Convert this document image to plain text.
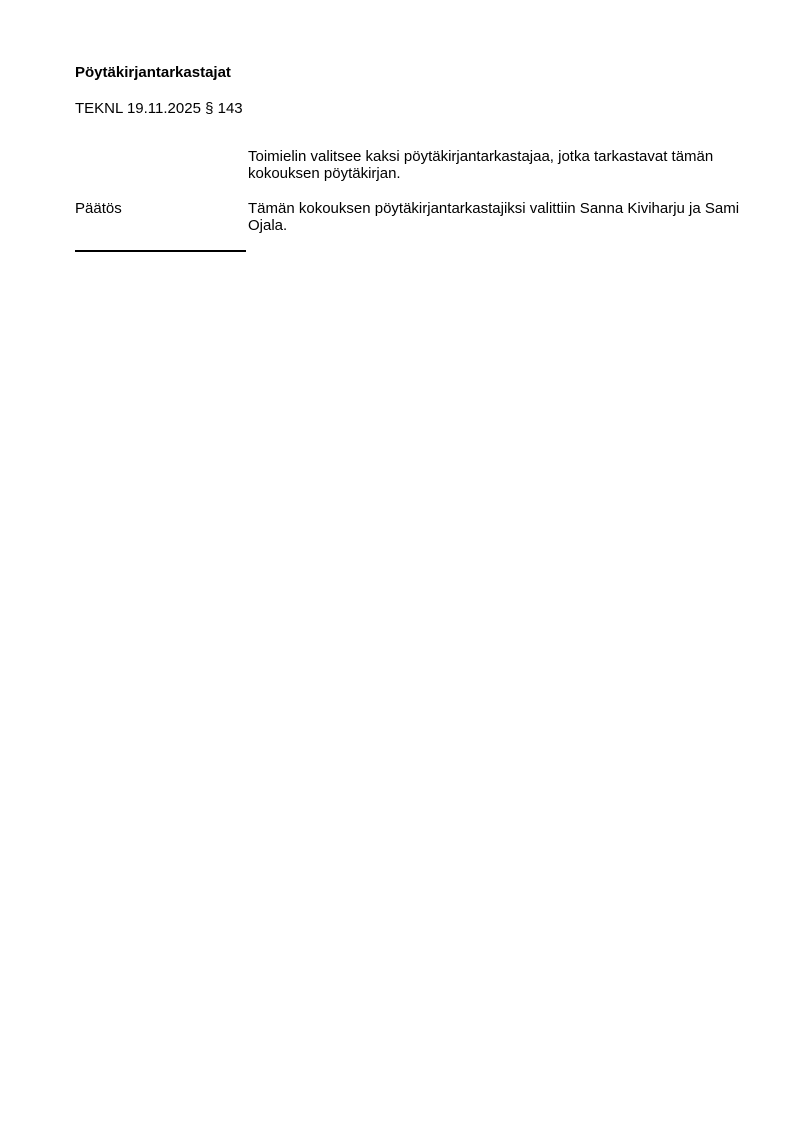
Pöytäkirjantarkastajat
TEKNL 19.11.2025 § 143

Toimielin valitsee kaksi pöytäkirjantarkastajaa, jotka tarkastavat tämän kokouksen pöytäkirjan.

Päätös	Tämän kokouksen pöytäkirjantarkastajiksi valittiin Sanna Kiviharju ja Sami Ojala.
